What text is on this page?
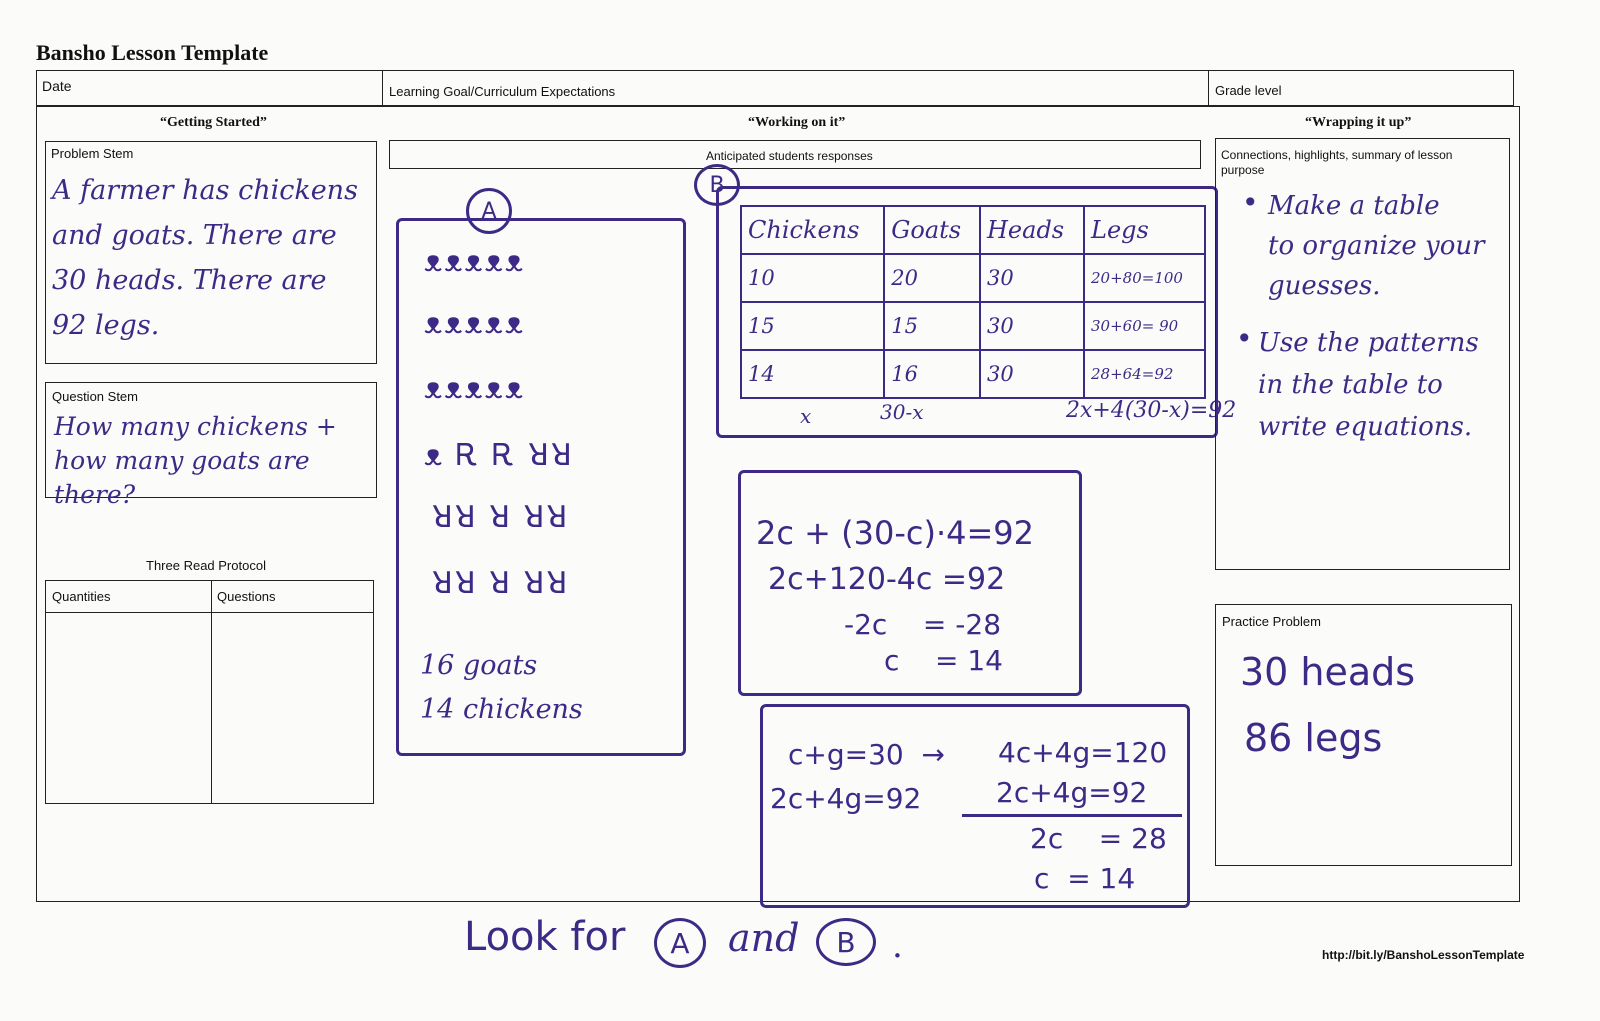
Bansho Lesson Template
Date	Learning Goal/Curriculum Expectations	Grade level
“Getting Started”	“Working on it”	“Wrapping it up”
Problem Stem
A farmer has chickens
and goats. There are
30 heads. There are
92 legs.
Question Stem
How many chickens +
how many goats are
there?
Three Read Protocol
Quantities	Questions
Anticipated students responses
A
ᴥᴥᴥᴥᴥ
ᴥᴥᴥᴥᴥ
ᴥᴥᴥᴥᴥ
ᴥ Ꭱ Ꭱ ꓤꓤ
ꓤꓤ ꓤ ꓤꓤ
ꓤꓤ ꓤ ꓤꓤ
16 goats
14 chickens
B
Chickens	Goats	Heads	Legs
10	20	30	20+80=100
15	15	30	30+60= 90
14	16	30	28+64=92
x	30-x	2x+4(30-x)=92
2c + (30-c)·4=92
2c+120-4c =92
-2c    = -28
c    = 14
c+g=30  →
2c+4g=92
4c+4g=120
2c+4g=92
2c    = 28
c  = 14
Connections, highlights, summary of lesson purpose
• Make a table
to organize your
guesses.
• Use the patterns
in the table to
write equations.
Practice Problem
30 heads
86 legs
Look for	A	and	B	.	http://bit.ly/BanshoLessonTemplate
